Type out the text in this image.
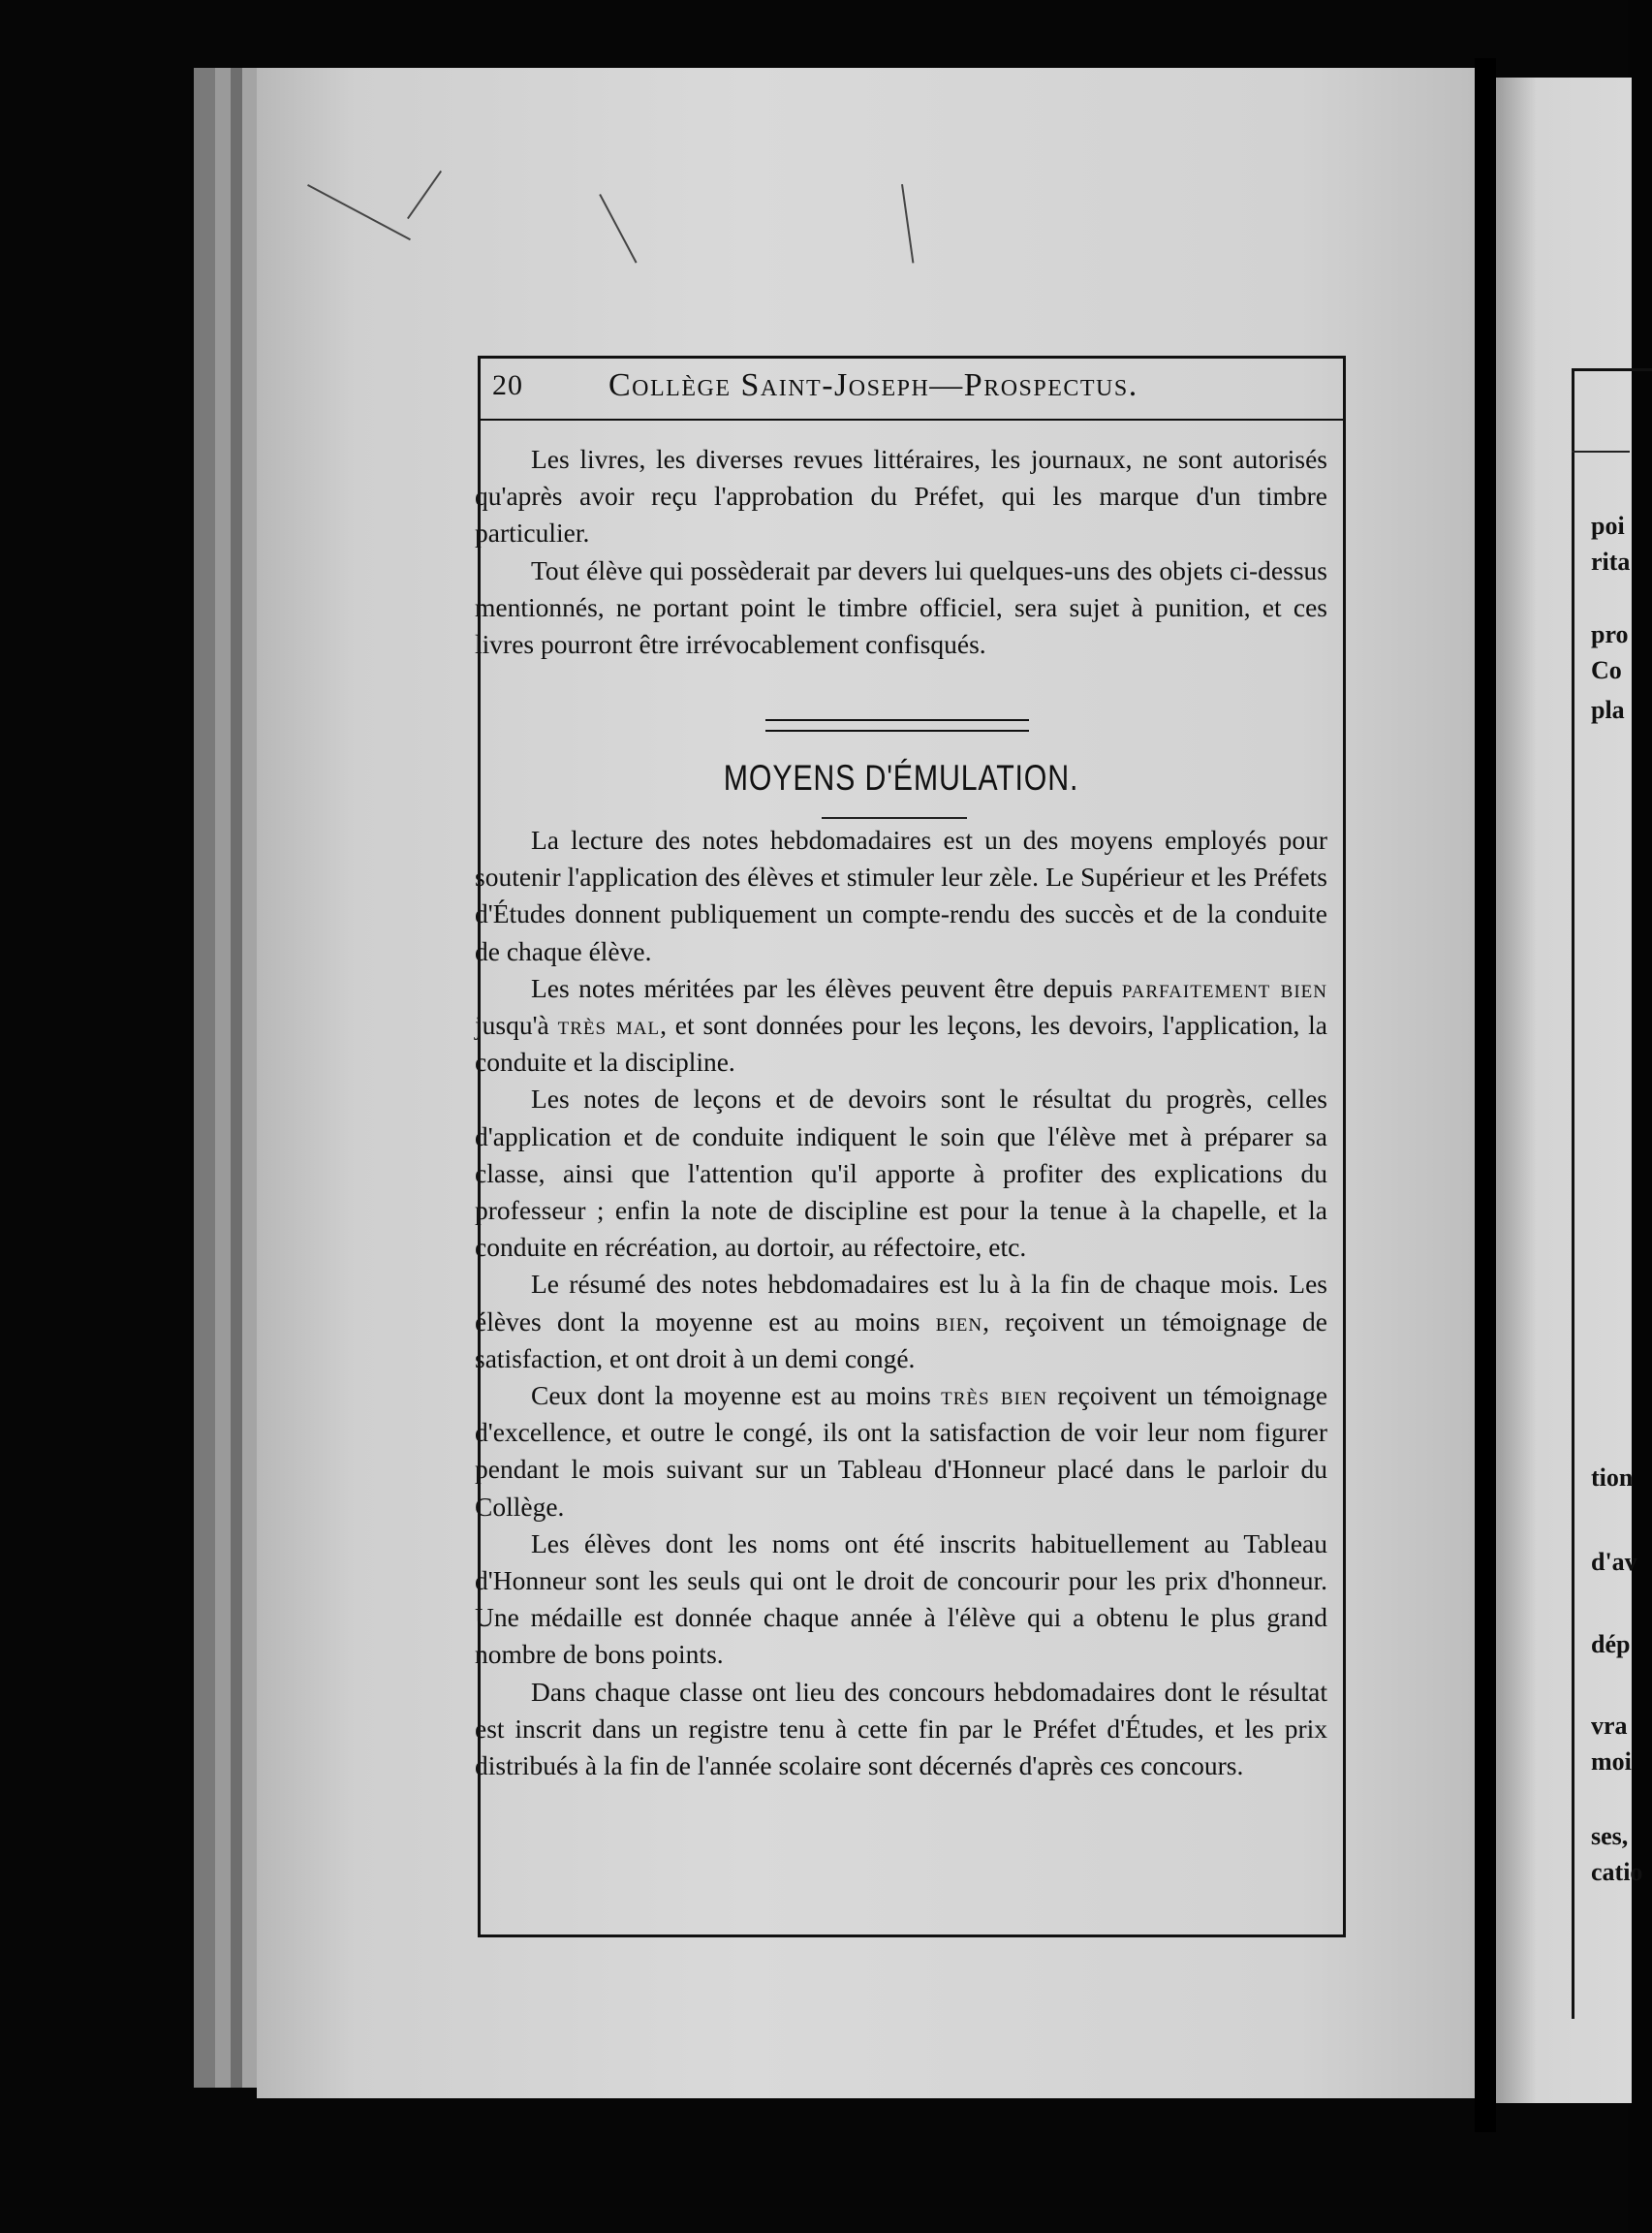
poi
rita
pro
Co
pla
tion
d'av
dép
vra
moi
ses,
catio
20	Collège Saint-Joseph—Prospectus.

Les livres, les diverses revues littéraires, les journaux, ne sont autorisés qu'après avoir reçu l'approbation du Préfet, qui les marque d'un timbre particulier.

Tout élève qui possèderait par devers lui quelques-uns des objets ci-dessus mentionnés, ne portant point le timbre officiel, sera sujet à punition, et ces livres pourront être irrévocablement confisqués.

MOYENS D'ÉMULATION.

La lecture des notes hebdomadaires est un des moyens employés pour soutenir l'application des élèves et stimuler leur zèle. Le Supérieur et les Préfets d'Études donnent publiquement un compte-rendu des succès et de la conduite de chaque élève.

Les notes méritées par les élèves peuvent être depuis parfaitement bien jusqu'à très mal, et sont données pour les leçons, les devoirs, l'application, la conduite et la discipline.

Les notes de leçons et de devoirs sont le résultat du progrès, celles d'application et de conduite indiquent le soin que l'élève met à préparer sa classe, ainsi que l'attention qu'il apporte à profiter des explications du professeur ; enfin la note de discipline est pour la tenue à la chapelle, et la conduite en récréation, au dortoir, au réfectoire, etc.

Le résumé des notes hebdomadaires est lu à la fin de chaque mois. Les élèves dont la moyenne est au moins bien, reçoivent un témoignage de satisfaction, et ont droit à un demi congé.

Ceux dont la moyenne est au moins très bien reçoivent un témoignage d'excellence, et outre le congé, ils ont la satisfaction de voir leur nom figurer pendant le mois suivant sur un Tableau d'Honneur placé dans le parloir du Collège.

Les élèves dont les noms ont été inscrits habituellement au Tableau d'Honneur sont les seuls qui ont le droit de concourir pour les prix d'honneur. Une médaille est donnée chaque année à l'élève qui a obtenu le plus grand nombre de bons points.

Dans chaque classe ont lieu des concours hebdomadaires dont le résultat est inscrit dans un registre tenu à cette fin par le Préfet d'Études, et les prix distribués à la fin de l'année scolaire sont décernés d'après ces concours.
